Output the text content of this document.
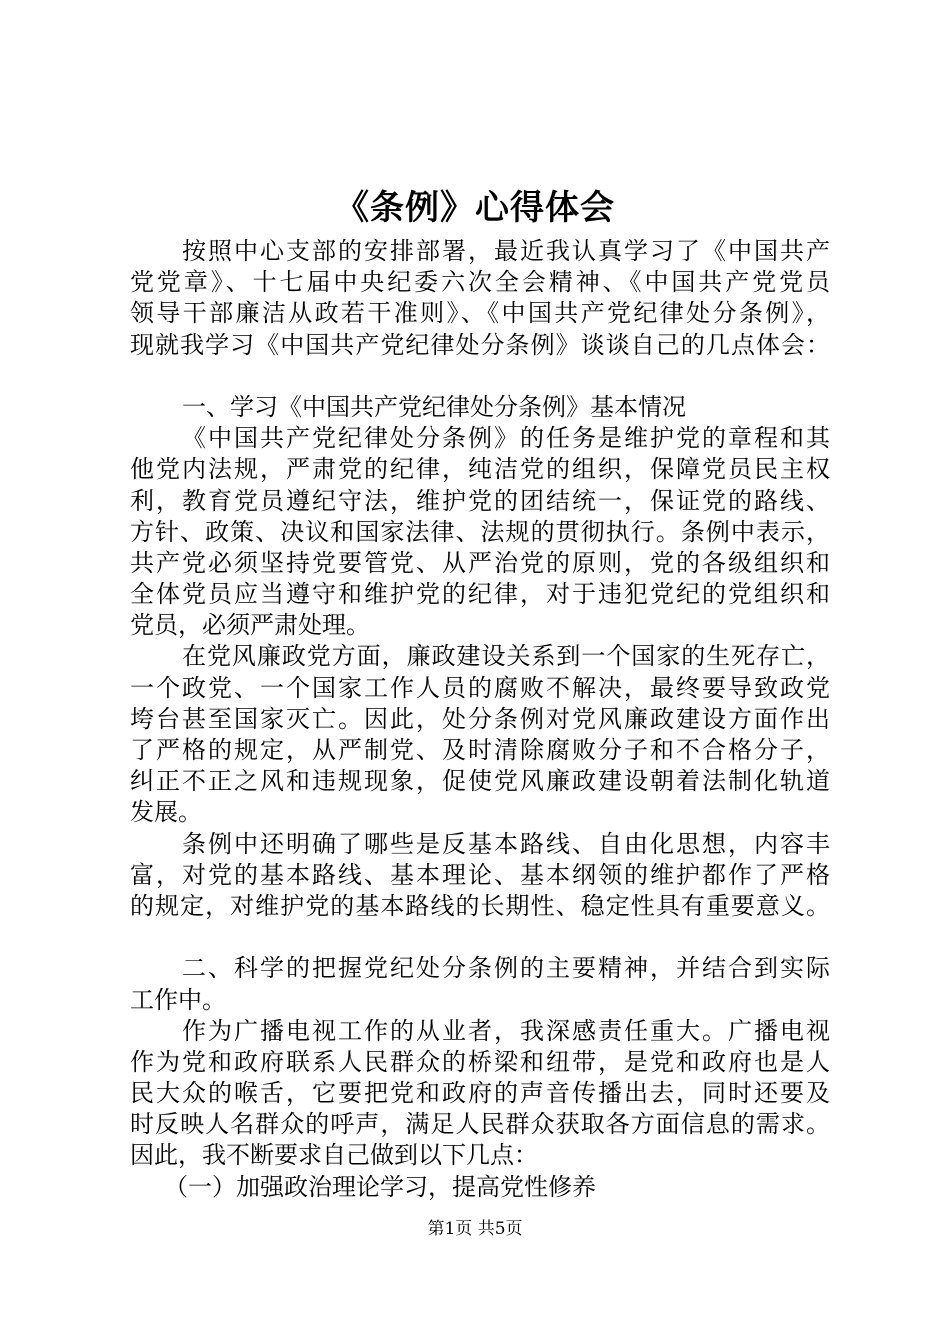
《条例》心得体会
按照中心支部的安排部署，最近我认真学习了《中国共产
党党章》、十七届中央纪委六次全会精神、《中国共产党党员
领导干部廉洁从政若干准则》、《中国共产党纪律处分条例》，
现就我学习《中国共产党纪律处分条例》谈谈自己的几点体会：
一、学习《中国共产党纪律处分条例》基本情况
《中国共产党纪律处分条例》的任务是维护党的章程和其
他党内法规，严肃党的纪律，纯洁党的组织，保障党员民主权
利，教育党员遵纪守法，维护党的团结统一，保证党的路线、
方针、政策、决议和国家法律、法规的贯彻执行。条例中表示，
共产党必须坚持党要管党、从严治党的原则，党的各级组织和
全体党员应当遵守和维护党的纪律，对于违犯党纪的党组织和
党员，必须严肃处理。
在党风廉政党方面，廉政建设关系到一个国家的生死存亡，
一个政党、一个国家工作人员的腐败不解决，最终要导致政党
垮台甚至国家灭亡。因此，处分条例对党风廉政建设方面作出
了严格的规定，从严制党、及时清除腐败分子和不合格分子，
纠正不正之风和违规现象，促使党风廉政建设朝着法制化轨道
发展。
条例中还明确了哪些是反基本路线、自由化思想，内容丰
富，对党的基本路线、基本理论、基本纲领的维护都作了严格
的规定，对维护党的基本路线的长期性、稳定性具有重要意义。
二、科学的把握党纪处分条例的主要精神，并结合到实际
工作中。
作为广播电视工作的从业者，我深感责任重大。广播电视
作为党和政府联系人民群众的桥梁和纽带，是党和政府也是人
民大众的喉舌，它要把党和政府的声音传播出去，同时还要及
时反映人名群众的呼声，满足人民群众获取各方面信息的需求。
因此，我不断要求自己做到以下几点：
（一）加强政治理论学习，提高党性修养
第1页 共5页
